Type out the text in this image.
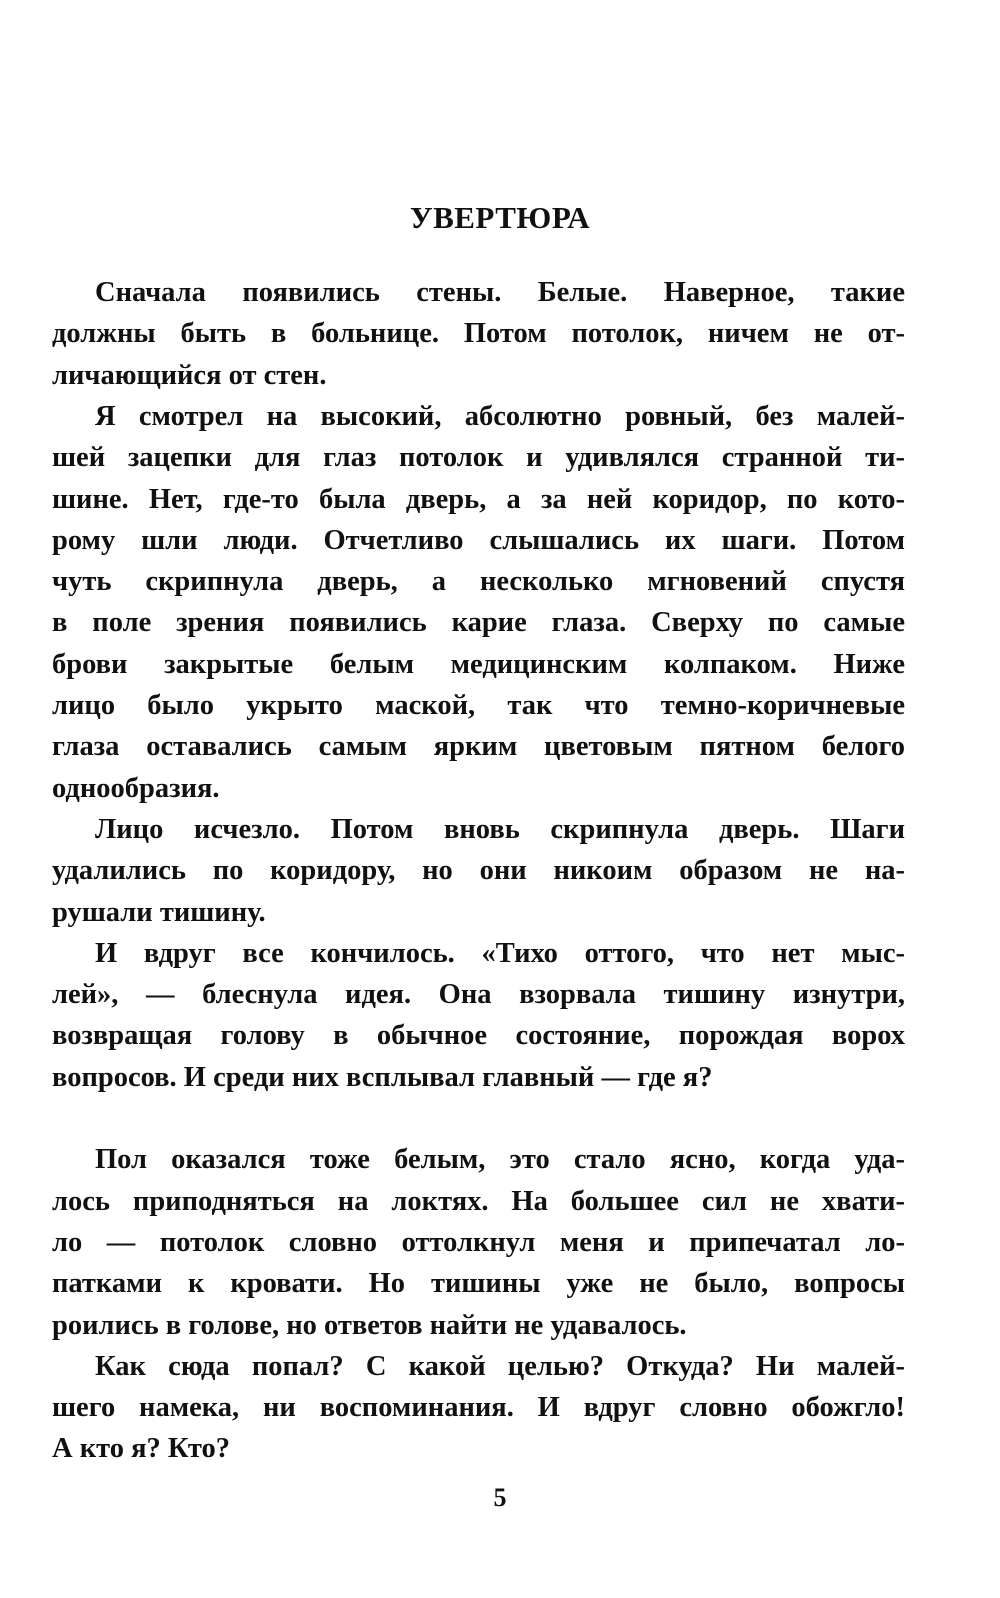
УВЕРТЮРА
Сначала появились стены. Белые. Наверное, такие
должны быть в больнице. Потом потолок, ничем не от-
личающийся от стен.
Я смотрел на высокий, абсолютно ровный, без малей-
шей зацепки для глаз потолок и удивлялся странной ти-
шине. Нет, где-то была дверь, а за ней коридор, по кото-
рому шли люди. Отчетливо слышались их шаги. Потом
чуть скрипнула дверь, а несколько мгновений спустя
в поле зрения появились карие глаза. Сверху по самые
брови закрытые белым медицинским колпаком. Ниже
лицо было укрыто маской, так что темно-коричневые
глаза оставались самым ярким цветовым пятном белого
однообразия.
Лицо исчезло. Потом вновь скрипнула дверь. Шаги
удалились по коридору, но они никоим образом не на-
рушали тишину.
И вдруг все кончилось. «Тихо оттого, что нет мыс-
лей», — блеснула идея. Она взорвала тишину изнутри,
возвращая голову в обычное состояние, порождая ворох
вопросов. И среди них всплывал главный — где я?
Пол оказался тоже белым, это стало ясно, когда уда-
лось приподняться на локтях. На большее сил не хвати-
ло — потолок словно оттолкнул меня и припечатал ло-
патками к кровати. Но тишины уже не было, вопросы
роились в голове, но ответов найти не удавалось.
Как сюда попал? С какой целью? Откуда? Ни малей-
шего намека, ни воспоминания. И вдруг словно обожгло!
А кто я? Кто?
5
